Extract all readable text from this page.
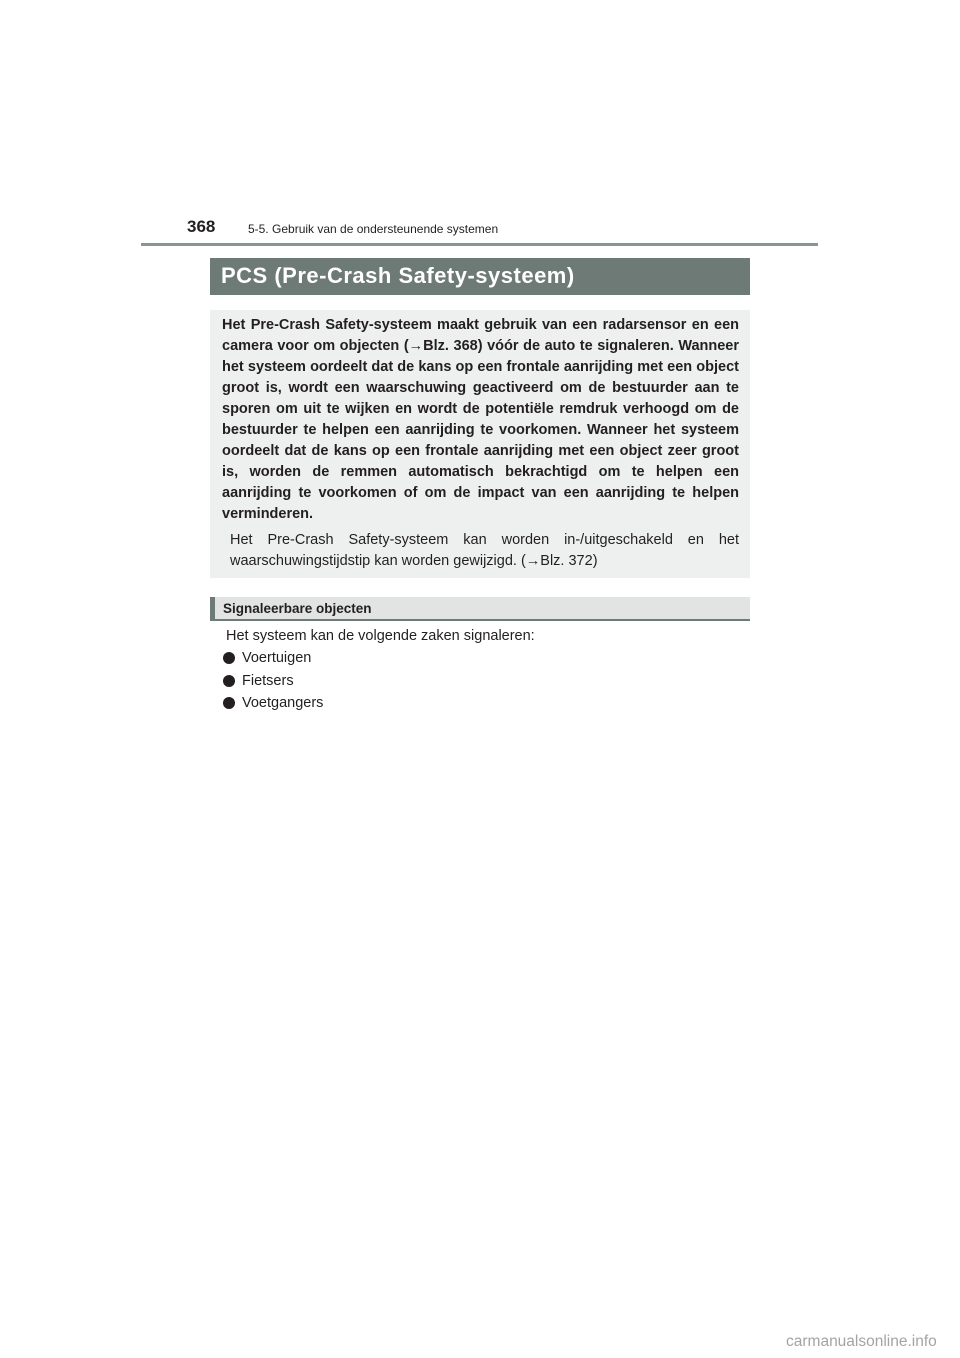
368	5-5. Gebruik van de ondersteunende systemen
PCS (Pre-Crash Safety-systeem)

Het Pre-Crash Safety-systeem maakt gebruik van een radarsensor en een camera voor om objecten (→Blz. 368) vóór de auto te signaleren. Wanneer het systeem oordeelt dat de kans op een frontale aanrijding met een object groot is, wordt een waarschuwing geactiveerd om de bestuurder aan te sporen om uit te wijken en wordt de potentiële remdruk verhoogd om de bestuurder te helpen een aanrijding te voorkomen. Wanneer het systeem oordeelt dat de kans op een frontale aanrijding met een object zeer groot is, worden de remmen automatisch bekrachtigd om te helpen een aanrijding te voorkomen of om de impact van een aanrijding te helpen verminderen.

Het Pre-Crash Safety-systeem kan worden in-/uitgeschakeld en het waarschuwingstijdstip kan worden gewijzigd. (→Blz. 372)

Signaleerbare objecten
Het systeem kan de volgende zaken signaleren:
Voertuigen
Fietsers
Voetgangers
carmanualsonline.info
